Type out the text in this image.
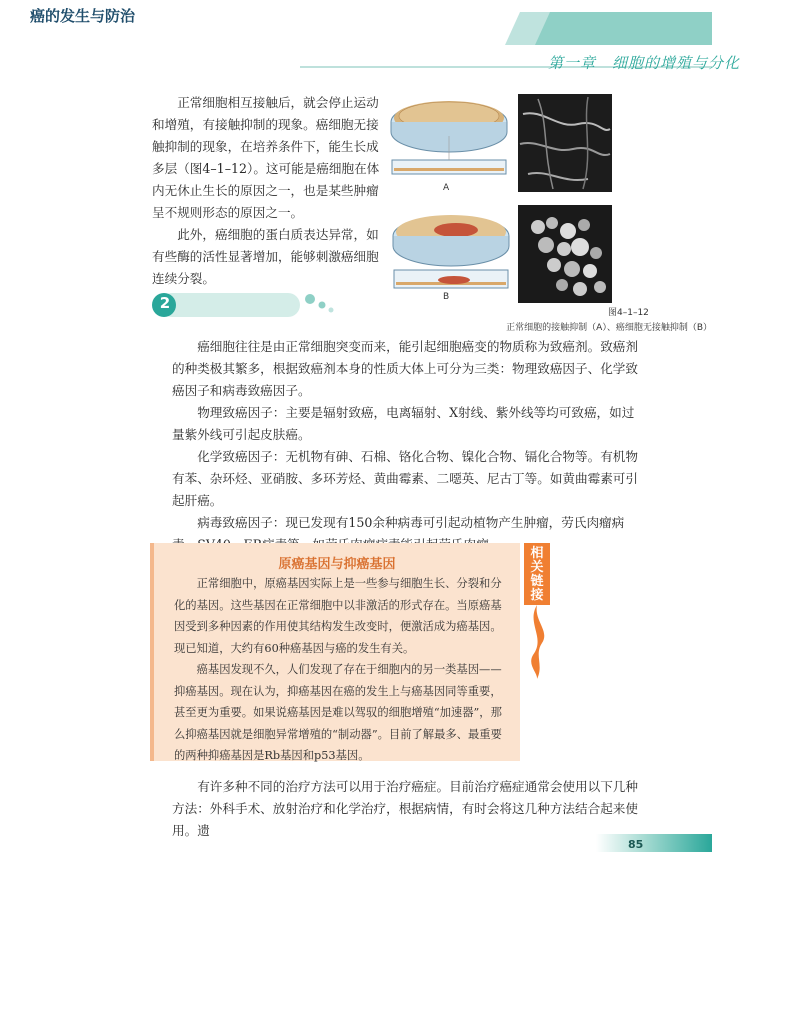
第一章　细胞的增殖与分化

正常细胞相互接触后，就会停止运动和增殖，有接触抑制的现象。癌细胞无接触抑制的现象，在培养条件下，能生长成多层（图4–1–12）。这可能是癌细胞在体内无休止生长的原因之一，也是某些肿瘤呈不规则形态的原因之一。

此外，癌细胞的蛋白质表达异常，如有些酶的活性显著增加，能够刺激癌细胞连续分裂。

A
B
图4–1–12
正常细胞的接触抑制（A）、癌细胞无接触抑制（B）
2
癌的发生与防治

癌细胞往往是由正常细胞突变而来，能引起细胞癌变的物质称为致癌剂。致癌剂的种类极其繁多，根据致癌剂本身的性质大体上可分为三类：物理致癌因子、化学致癌因子和病毒致癌因子。

物理致癌因子：主要是辐射致癌，电离辐射、X射线、紫外线等均可致癌，如过量紫外线可引起皮肤癌。

化学致癌因子：无机物有砷、石棉、铬化合物、镍化合物、镉化合物等。有机物有苯、杂环烃、亚硝胺、多环芳烃、黄曲霉素、二噁英、尼古丁等。如黄曲霉素可引起肝癌。

病毒致癌因子：现已发现有150余种病毒可引起动植物产生肿瘤，劳氏肉瘤病

原癌基因与抑癌基因

正常细胞中，原癌基因实际上是一些参与细胞生长、分裂和分化的基因。这些基因在正常细胞中以非激活的形式存在。当原癌基因受到多种因素的作用使其结构发生改变时，便激活成为癌基因。现已知道，大约有60种癌基因与癌的发生有关。

癌基因发现不久，人们发现了存在于细胞内的另一类基因——抑癌基因。现在认为，抑癌基因在癌的发生上与癌基因同等重要，甚至更为重要。如果说癌基因是难以驾驭的细胞增殖“加速器”，那么抑癌基因就是细胞异常增殖的“制动器”。目前了解最多、最重要的两种抑癌基因是Rb基因和p53基因。

相关链接

有许多种不同的治疗方法可以用于治疗癌症。目前治疗癌症通常会使用以下几种方法：外科手术、放射治疗和化学治疗，根据病情，有时会将这几种方法结合起来使用。遗

85
